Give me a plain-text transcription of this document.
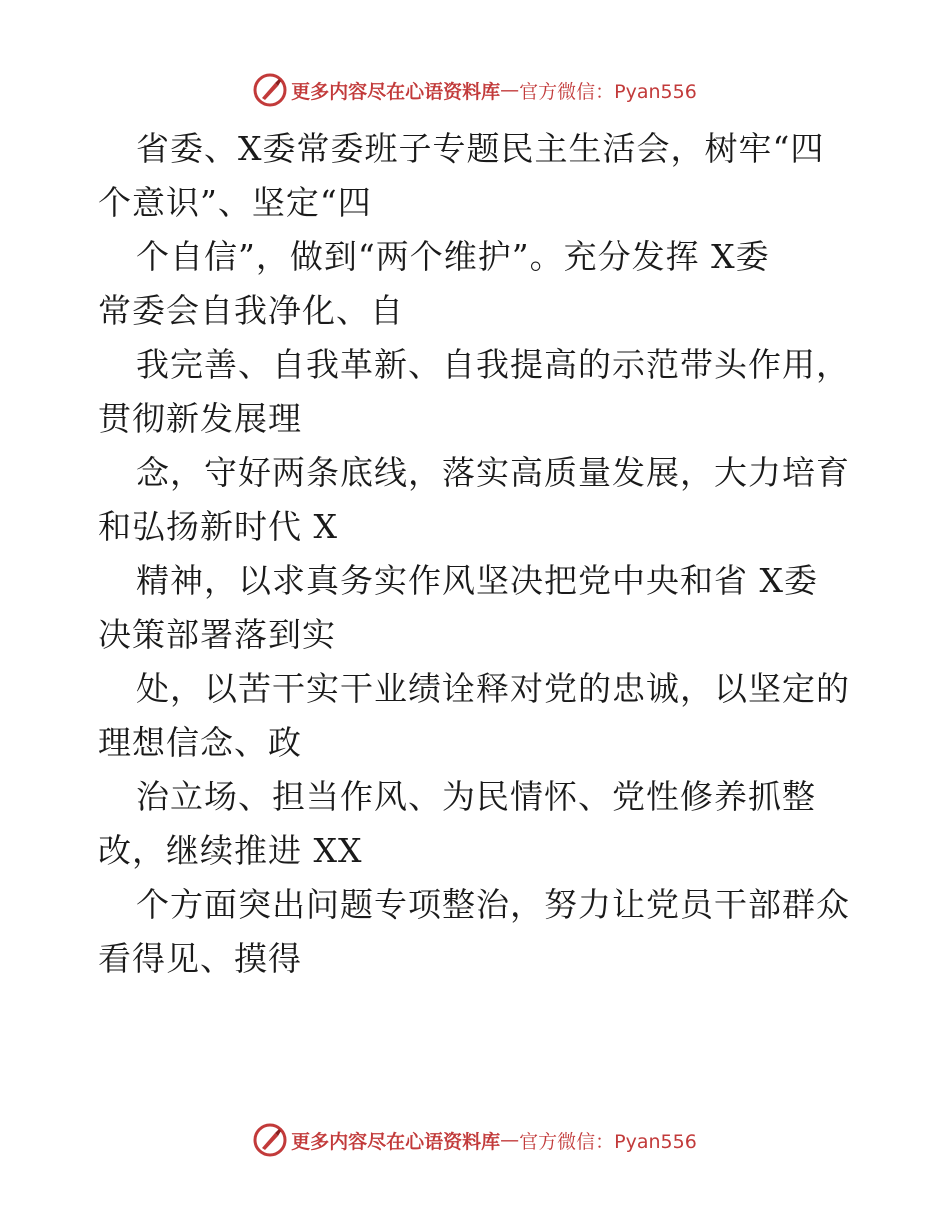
更多内容尽在心语资料库 — 官方微信：Pyan556
省委、X委常委班子专题民主生活会，树牢“四
个意识”、坚定“四
个自信”，做到“两个维护”。充分发挥 X委
常委会自我净化、自
我完善、自我革新、自我提高的示范带头作用，
贯彻新发展理
念，守好两条底线，落实高质量发展，大力培育
和弘扬新时代 X
精神，以求真务实作风坚决把党中央和省 X委
决策部署落到实
处，以苦干实干业绩诠释对党的忠诚，以坚定的
理想信念、政
治立场、担当作风、为民情怀、党性修养抓整
改，继续推进 XX
个方面突出问题专项整治，努力让党员干部群众
看得见、摸得
更多内容尽在心语资料库 — 官方微信：Pyan556
